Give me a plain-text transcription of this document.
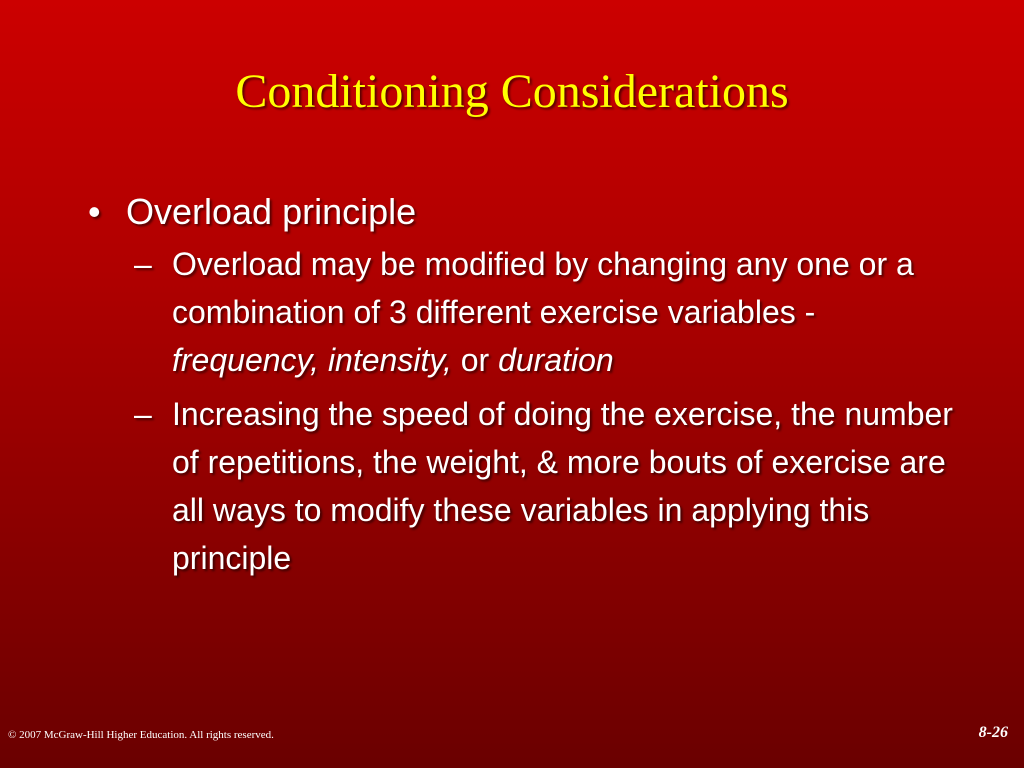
Conditioning Considerations
• Overload principle
– Overload may be modified by changing any one or a combination of 3 different exercise variables - frequency, intensity, or duration
– Increasing the speed of doing the exercise, the number of repetitions, the weight, & more bouts of exercise are all ways to modify these variables in applying this principle
© 2007 McGraw-Hill Higher Education. All rights reserved.	8-26
